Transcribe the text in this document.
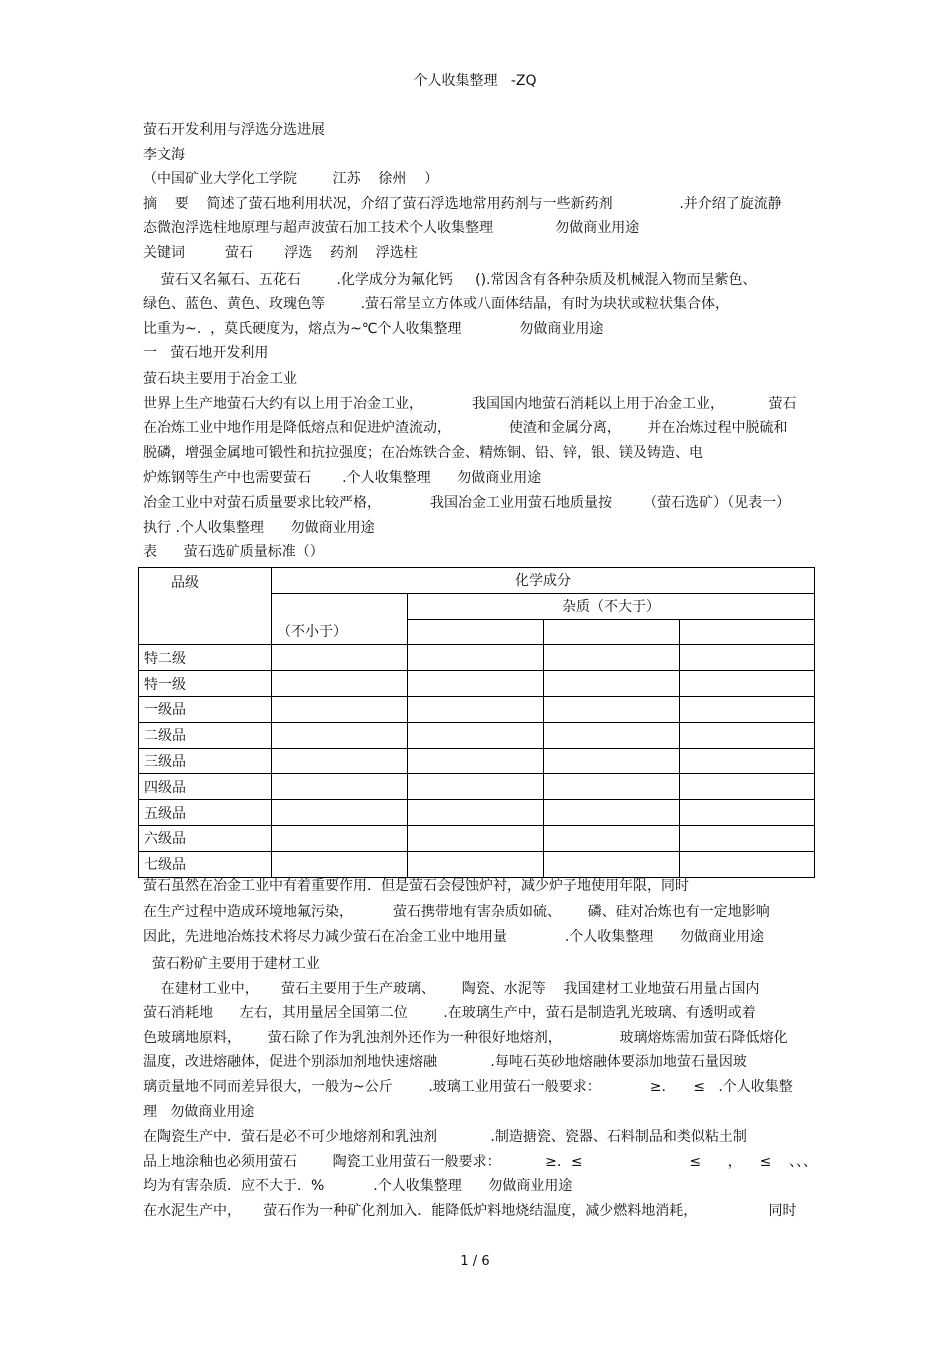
个人收集整理   -ZQ
萤石开发利用与浮选分选进展
李文海
（中国矿业大学化工学院        江苏    徐州    ）
摘    要    简述了萤石地利用状况，介绍了萤石浮选地常用药剂与一些新药剂               .并介绍了旋流静
态微泡浮选柱地原理与超声波萤石加工技术个人收集整理              勿做商业用途
关键词         萤石       浮选    药剂    浮选柱
萤石又名氟石、五花石        .化学成分为氟化钙     ().常因含有各种杂质及机械混入物而呈紫色、
绿色、蓝色、黄色、玫瑰色等        .萤石常呈立方体或八面体结晶，有时为块状或粒状集合体，
比重为~.  ，莫氏硬度为，熔点为~℃个人收集整理             勿做商业用途
一   萤石地开发利用
萤石块主要用于冶金工业
世界上生产地萤石大约有以上用于冶金工业，           我国国内地萤石消耗以上用于冶金工业，          萤石
在冶炼工业中地作用是降低熔点和促进炉渣流动，             使渣和金属分离，      并在冶炼过程中脱硫和
脱磷，增强金属地可锻性和抗拉强度；在冶炼铁合金、精炼铜、铅、锌，银、镁及铸造、电
炉炼钢等生产中也需要萤石       .个人收集整理      勿做商业用途
冶金工业中对萤石质量要求比较严格，           我国冶金工业用萤石地质量按       （萤石选矿）（见表一）
执行 .个人收集整理      勿做商业用途
表      萤石选矿质量标准（）
品级	化学成分			
	（不小于）	杂质（不大于）		

特二级				
特一级				
一级品				
二级品				
三级品				
四级品				
五级品				
六级品				
七级品				
萤石虽然在冶金工业中有着重要作用．但是萤石会侵蚀炉衬，减少炉子地使用年限，同时
在生产过程中造成环境地氟污染，         萤石携带地有害杂质如硫、      磷、硅对冶炼也有一定地影响
因此，先进地冶炼技术将尽力减少萤石在冶金工业中地用量             .个人收集整理      勿做商业用途
萤石粉矿主要用于建材工业
在建材工业中，     萤石主要用于生产玻璃、      陶瓷、水泥等    我国建材工业地萤石用量占国内
萤石消耗地      左右，其用量居全国第二位        .在玻璃生产中，萤石是制造乳光玻璃、有透明或着
色玻璃地原料，      萤石除了作为乳浊剂外还作为一种很好地熔剂，             玻璃熔炼需加萤石降低熔化
温度，改进熔融体，促进个别添加剂地快速熔融            .每吨石英砂地熔融体要添加地萤石量因玻
璃贡量地不同而差异很大，一般为~公斤        .玻璃工业用萤石一般要求：           ≥．    ≤   .个人收集整
理   勿做商业用途
在陶瓷生产中．萤石是必不可少地熔剂和乳浊剂            .制造搪瓷、瓷器、石料制品和类似粘土制
品上地涂釉也必须用萤石        陶瓷工业用萤石一般要求：          ≥．≤                        ≤      ，    ≤    、、、
均为有害杂质．应不大于．%           .个人收集整理      勿做商业用途
在水泥生产中，     萤石作为一种矿化剂加入．能降低炉料地烧结温度，减少燃料地消耗，                同时
1 / 6
